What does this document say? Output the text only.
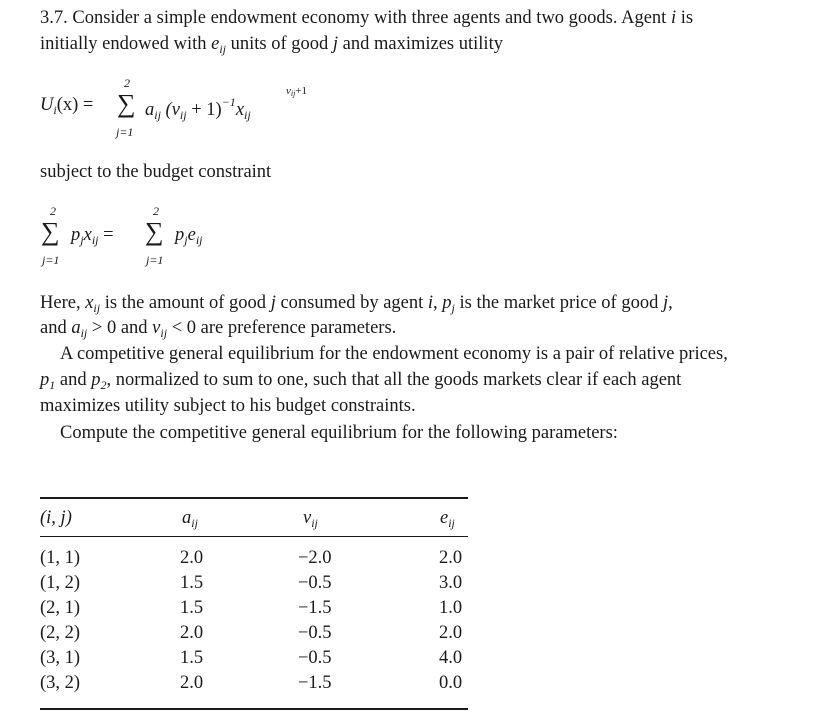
3.7. Consider a simple endowment economy with three agents and two goods. Agent i is
initially endowed with $e_{ij}$ units of good j and maximizes utility
$U_i(x)$ =
2
∑
j=1
$a_{ij}$ $(v_{ij} + 1)^{-1}x_{ij}$
vij+1
subject to the budget constraint
2
∑
j=1
$p_jx_{ij}$ =
2
∑
j=1
$p_je_{ij}$
Here, $x_{ij}$ is the amount of good j consumed by agent i, $p_j$ is the market price of good j,
and $a_{ij} > 0$ and $v_{ij} < 0$ are preference parameters.
A competitive general equilibrium for the endowment economy is a pair of relative prices,
$p_1$ and $p_2$, normalized to sum to one, such that all the goods markets clear if each agent
maximizes utility subject to his budget constraints.
Compute the competitive general equilibrium for the following parameters:
(i, j)	$a_{ij}$	$v_{ij}$	$e_{ij}$
(1, 1)	2.0	−2.0	2.0
(1, 2)	1.5	−0.5	3.0
(2, 1)	1.5	−1.5	1.0
(2, 2)	2.0	−0.5	2.0
(3, 1)	1.5	−0.5	4.0
(3, 2)	2.0	−1.5	0.0
